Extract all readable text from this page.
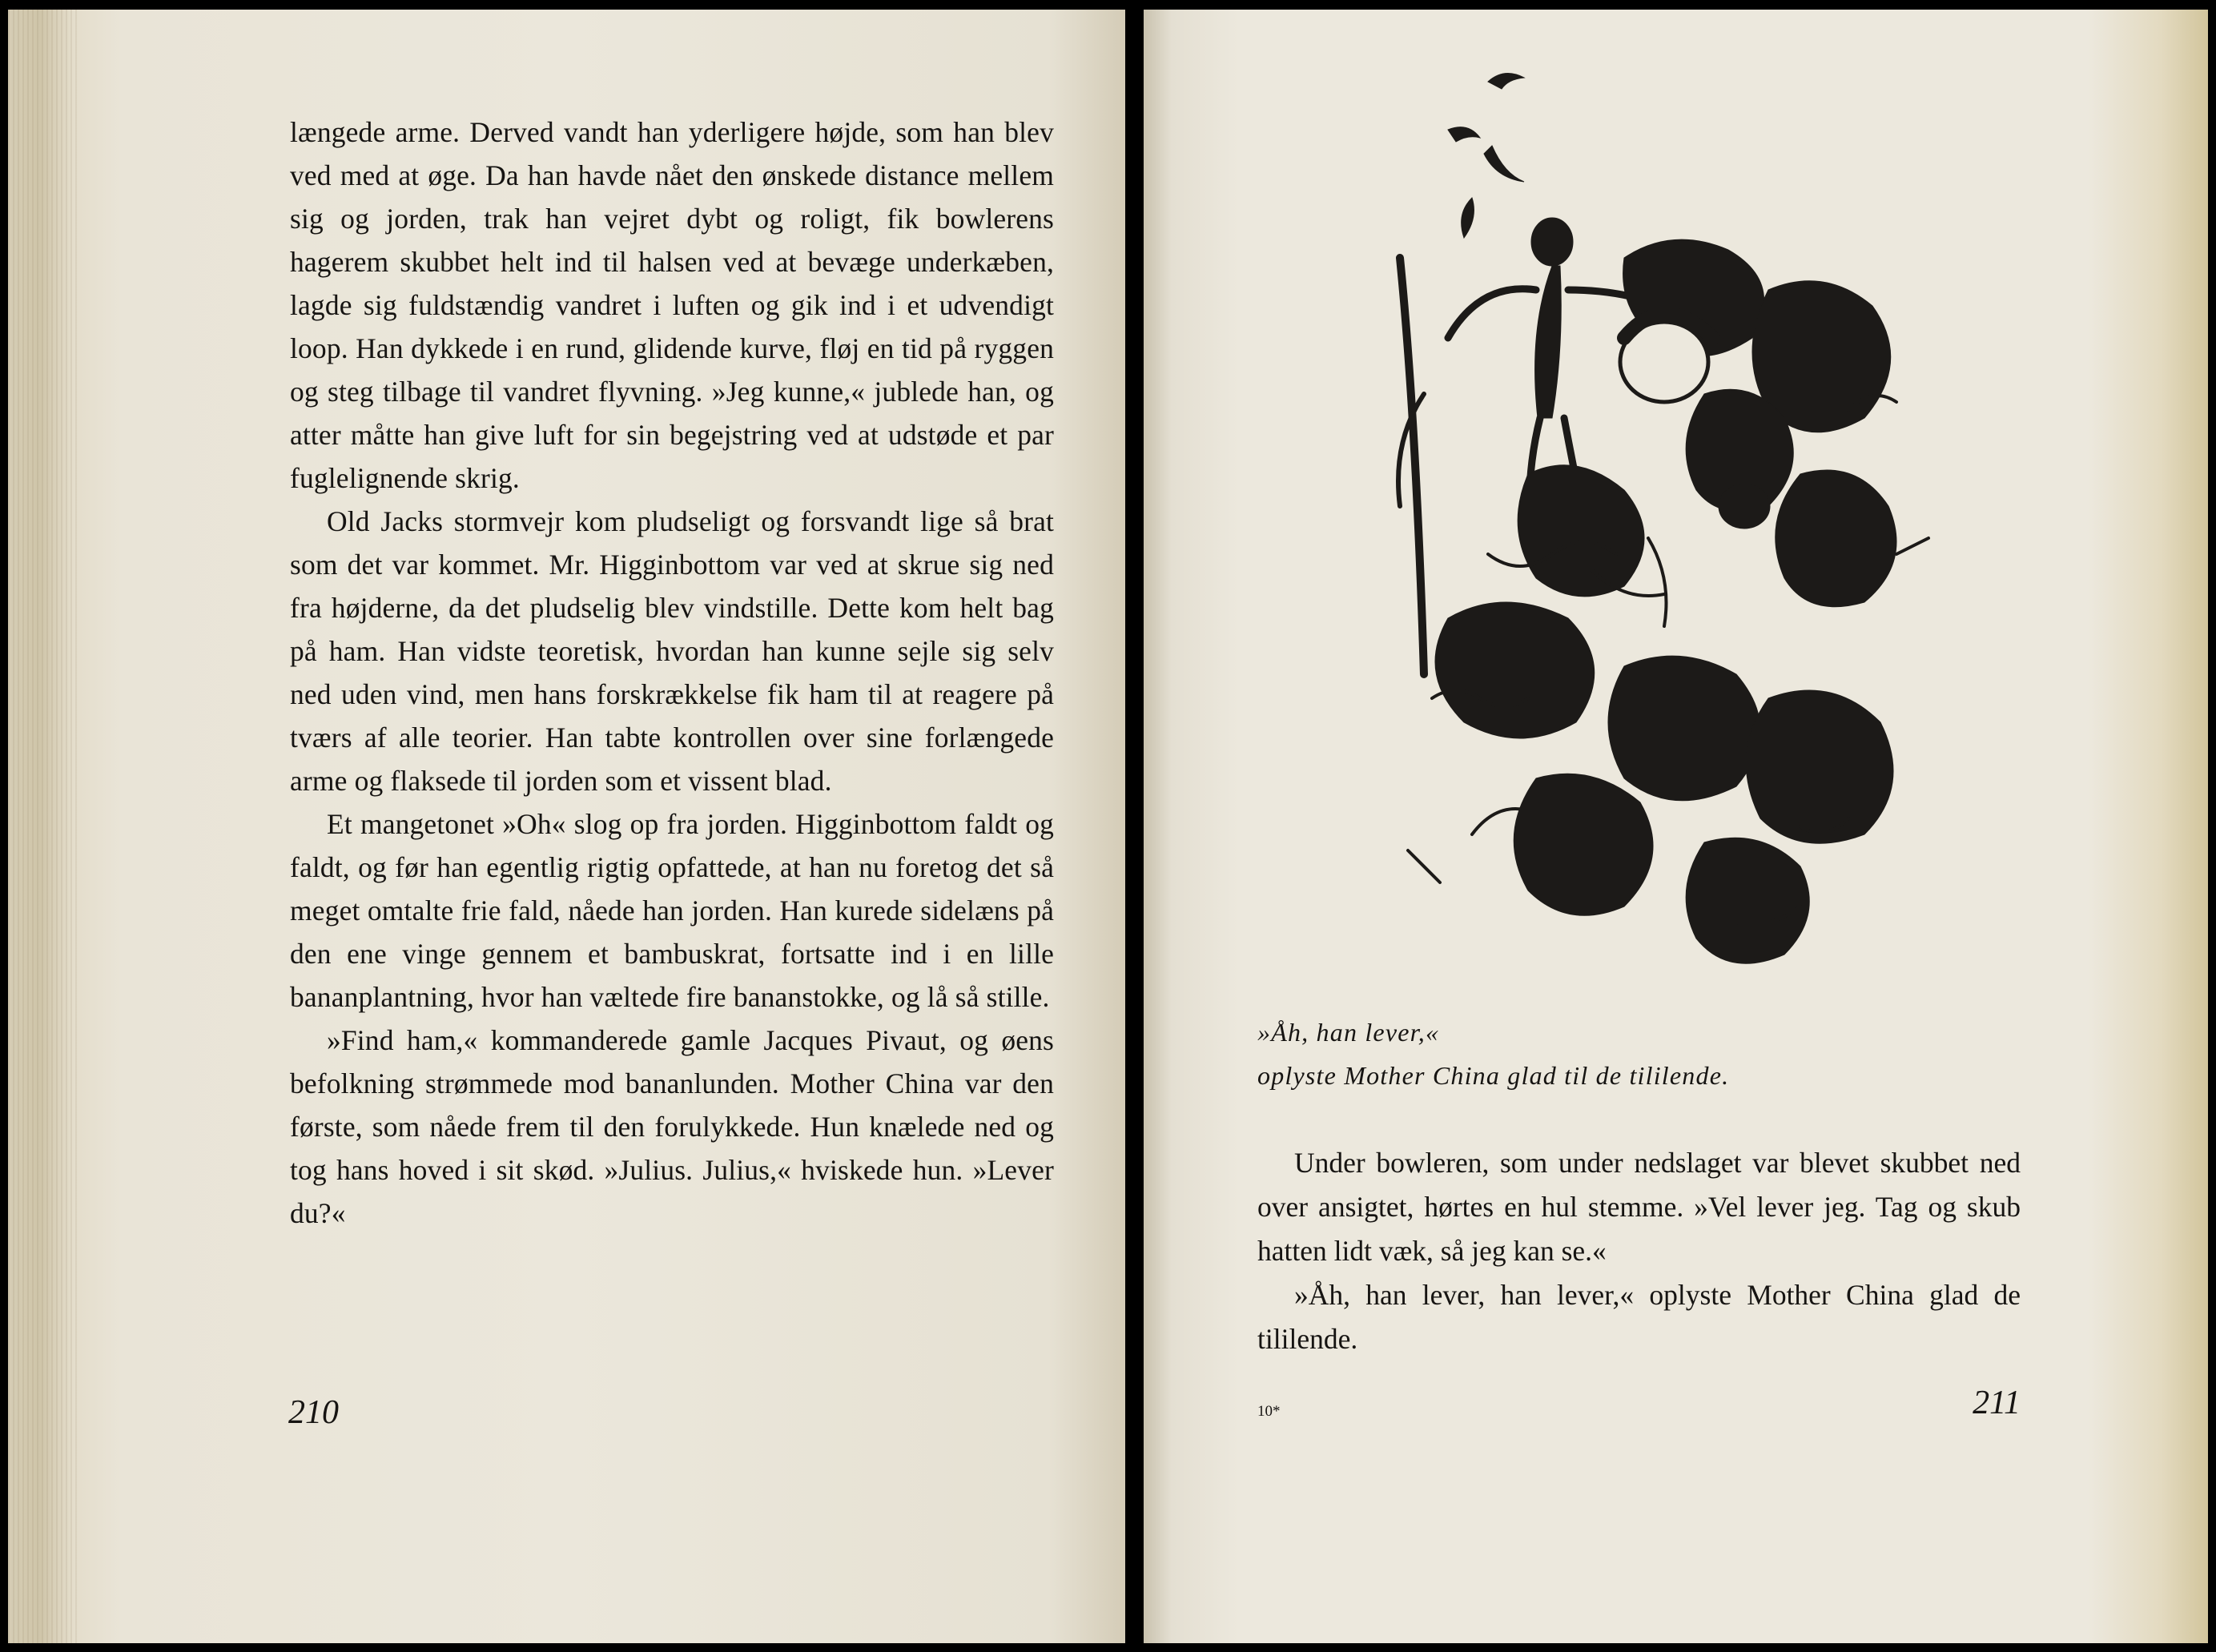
længede arme. Derved vandt han yderligere højde, som han blev ved med at øge. Da han havde nået den ønskede distance mellem sig og jorden, trak han vejret dybt og roligt, fik bowlerens hagerem skubbet helt ind til halsen ved at bevæge underkæben, lagde sig fuldstændig vandret i luften og gik ind i et udvendigt loop. Han dykkede i en rund, glidende kurve, fløj en tid på ryggen og steg tilbage til vandret flyvning. »Jeg kunne,« jublede han, og atter måtte han give luft for sin begejstring ved at udstøde et par fuglelignende skrig.

Old Jacks stormvejr kom pludseligt og forsvandt lige så brat som det var kommet. Mr. Higginbottom var ved at skrue sig ned fra højderne, da det pludselig blev vindstille. Dette kom helt bag på ham. Han vidste teoretisk, hvordan han kunne sejle sig selv ned uden vind, men hans forskrækkelse fik ham til at reagere på tværs af alle teorier. Han tabte kontrollen over sine forlængede arme og flaksede til jorden som et vissent blad.

Et mangetonet »Oh« slog op fra jorden. Higginbottom faldt og faldt, og før han egentlig rigtig opfattede, at han nu foretog det så meget omtalte frie fald, nåede han jorden. Han kurede sidelæns på den ene vinge gennem et bambuskrat, fortsatte ind i en lille bananplantning, hvor han væltede fire bananstokke, og lå så stille.

»Find ham,« kommanderede gamle Jacques Pivaut, og øens befolkning strømmede mod bananlunden. Mother China var den første, som nåede frem til den forulykkede. Hun knælede ned og tog hans hoved i sit skød. »Julius. Julius,« hviskede hun. »Lever du?«

210
»Åh, han lever,«
oplyste Mother China glad til de tililende.

Under bowleren, som under nedslaget var blevet skubbet ned over ansigtet, hørtes en hul stemme. »Vel lever jeg. Tag og skub hatten lidt væk, så jeg kan se.«

»Åh, han lever, han lever,« oplyste Mother China glad de tililende.

10*	211
